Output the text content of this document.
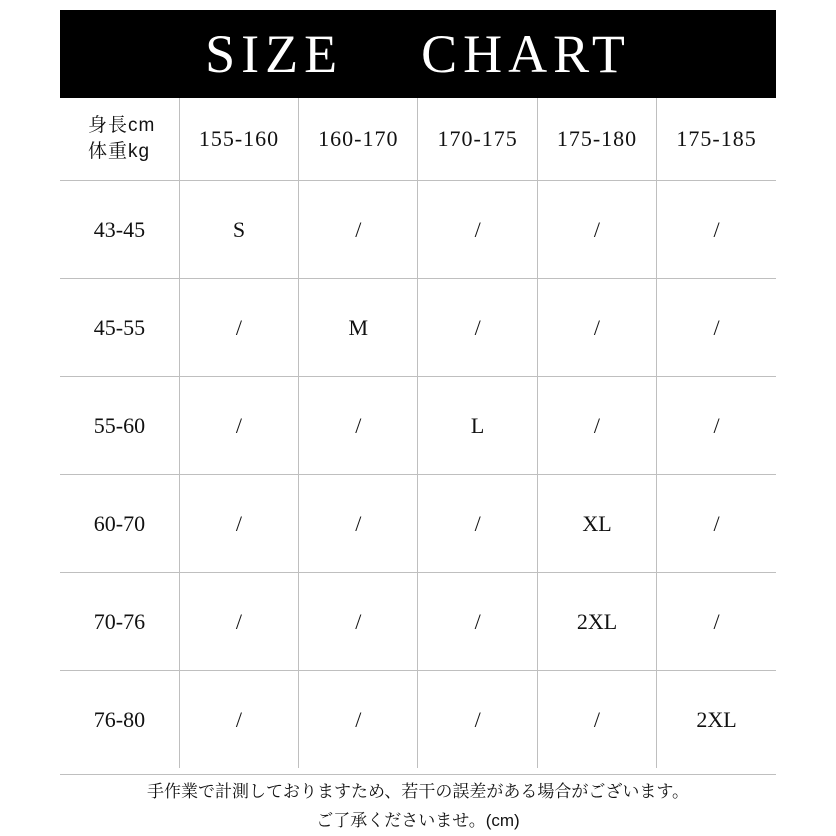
SIZE    CHART
身長cm
体重kg	155-160	160-170	170-175	175-180	175-185
43-45	S	/	/	/	/
45-55	/	M	/	/	/
55-60	/	/	L	/	/
60-70	/	/	/	XL	/
70-76	/	/	/	2XL	/
76-80	/	/	/	/	2XL
手作業で計測しておりますため、若干の誤差がある場合がございます。
ご了承くださいませ。(cm)
